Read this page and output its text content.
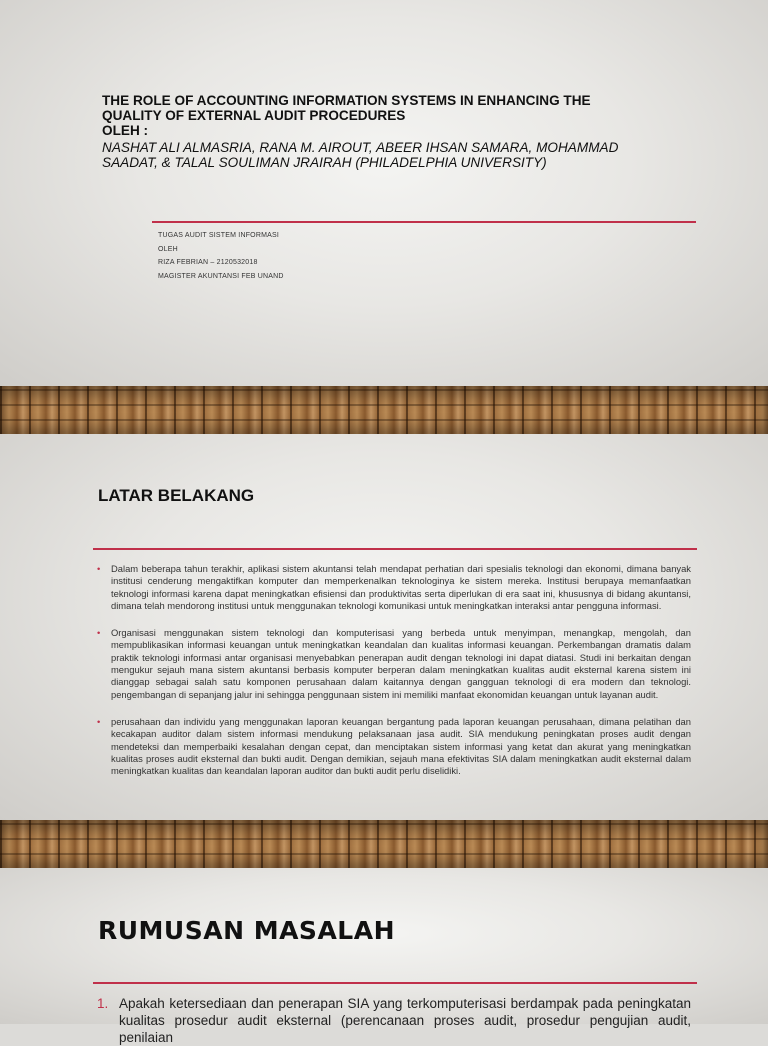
THE ROLE OF ACCOUNTING INFORMATION SYSTEMS IN ENHANCING THE
QUALITY OF EXTERNAL AUDIT PROCEDURES
OLEH :
NASHAT ALI ALMASRIA, RANA M. AIROUT, ABEER IHSAN SAMARA, MOHAMMAD
SAADAT, & TALAL SOULIMAN JRAIRAH (PHILADELPHIA UNIVERSITY)
TUGAS AUDIT SISTEM INFORMASI
OLEH
RIZA FEBRIAN – 2120532018
MAGISTER AKUNTANSI FEB UNAND
LATAR BELAKANG
• Dalam beberapa tahun terakhir, aplikasi sistem akuntansi telah mendapat perhatian dari spesialis teknologi dan ekonomi, dimana banyak institusi cenderung mengaktifkan komputer dan memperkenalkan teknologinya ke sistem mereka. Institusi berupaya memanfaatkan teknologi informasi karena dapat meningkatkan efisiensi dan produktivitas serta diperlukan di era saat ini, khususnya di bidang akuntansi, dimana telah mendorong institusi untuk menggunakan teknologi komunikasi untuk meningkatkan interaksi antar pengguna informasi.
• Organisasi menggunakan sistem teknologi dan komputerisasi yang berbeda untuk menyimpan, menangkap, mengolah, dan mempublikasikan informasi keuangan untuk meningkatkan keandalan dan kualitas informasi keuangan. Perkembangan dramatis dalam praktik teknologi informasi antar organisasi menyebabkan penerapan audit dengan teknologi ini dapat diatasi. Studi ini berkaitan dengan mengukur sejauh mana sistem akuntansi berbasis komputer berperan dalam meningkatkan kualitas audit eksternal karena sistem ini dianggap sebagai salah satu komponen perusahaan dalam kaitannya dengan gangguan teknologi di era modern dan teknologi. pengembangan di sepanjang jalur ini sehingga penggunaan sistem ini memiliki manfaat ekonomidan keuangan untuk layanan audit.
• perusahaan dan individu yang menggunakan laporan keuangan bergantung pada laporan keuangan perusahaan, dimana pelatihan dan kecakapan auditor dalam sistem informasi mendukung pelaksanaan jasa audit. SIA mendukung peningkatan proses audit dengan mendeteksi dan memperbaiki kesalahan dengan cepat, dan menciptakan sistem informasi yang ketat dan akurat yang meningkatkan kualitas proses audit eksternal dan bukti audit. Dengan demikian, sejauh mana efektivitas SIA dalam meningkatkan audit eksternal dalam meningkatkan kualitas dan keandalan laporan auditor dan bukti audit perlu diselidiki.
RUMUSAN MASALAH
1. Apakah ketersediaan dan penerapan SIA yang terkomputerisasi berdampak pada peningkatan kualitas prosedur audit eksternal (perencanaan proses audit, prosedur pengujian audit, penilaian
